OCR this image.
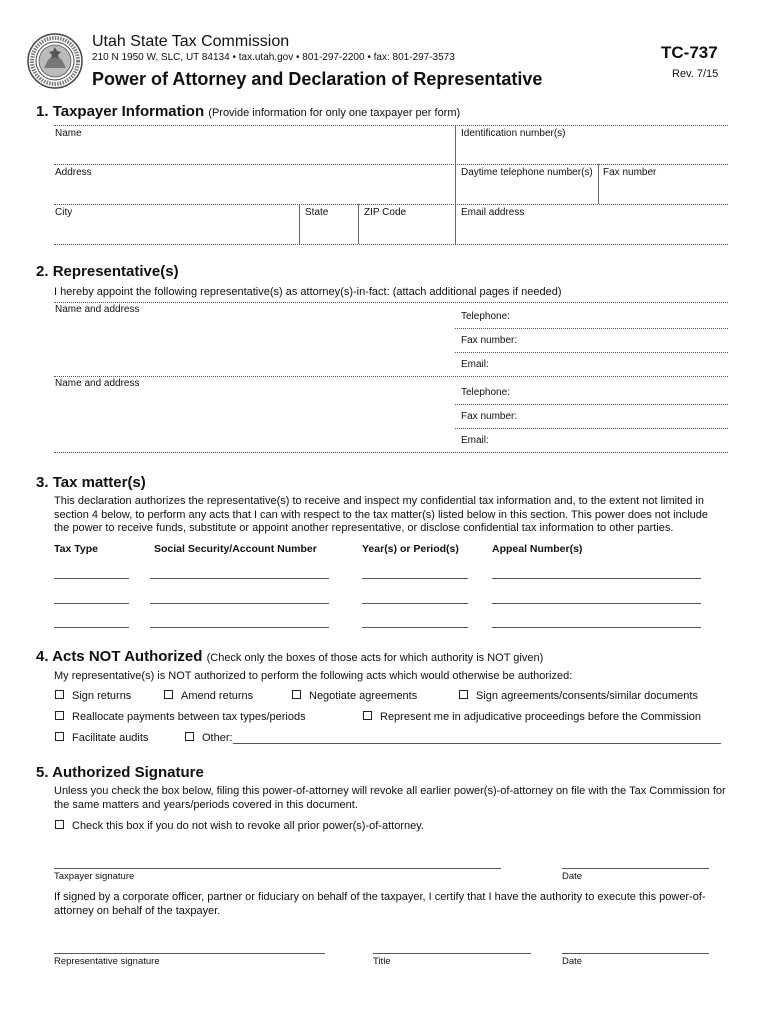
Utah State Tax Commission
210 N 1950 W, SLC, UT 84134 • tax.utah.gov • 801-297-2200 • fax: 801-297-3573
Power of Attorney and Declaration of Representative
TC-737
Rev. 7/15
1. Taxpayer Information (Provide information for only one taxpayer per form)
Name	Identification number(s)
Address	Daytime telephone number(s) Fax number
City	State	ZIP Code	Email address
2. Representative(s)
I hereby appoint the following representative(s) as attorney(s)-in-fact: (attach additional pages if needed)
Name and address
Telephone:
Fax number:
Email:
Name and address
Telephone:
Fax number:
Email:
3. Tax matter(s)
This declaration authorizes the representative(s) to receive and inspect my confidential tax information and, to the extent not limited in section 4 below, to perform any acts that I can with respect to the tax matter(s) listed below in this section. This power does not include the power to receive funds, substitute or appoint another representative, or disclose confidential tax information to other parties.
Tax Type	Social Security/Account Number	Year(s) or Period(s)	Appeal Number(s)
4. Acts NOT Authorized (Check only the boxes of those acts for which authority is NOT given)
My representative(s) is NOT authorized to perform the following acts which would otherwise be authorized:
Sign returns	Amend returns	Negotiate agreements	Sign agreements/consents/similar documents
Reallocate payments between tax types/periods	Represent me in adjudicative proceedings before the Commission
Facilitate audits	Other:
5. Authorized Signature
Unless you check the box below, filing this power-of-attorney will revoke all earlier power(s)-of-attorney on file with the Tax Commission for the same matters and years/periods covered in this document.
Check this box if you do not wish to revoke all prior power(s)-of-attorney.
Taxpayer signature	Date
If signed by a corporate officer, partner or fiduciary on behalf of the taxpayer, I certify that I have the authority to execute this power-of-attorney on behalf of the taxpayer.
Representative signature	Title	Date
